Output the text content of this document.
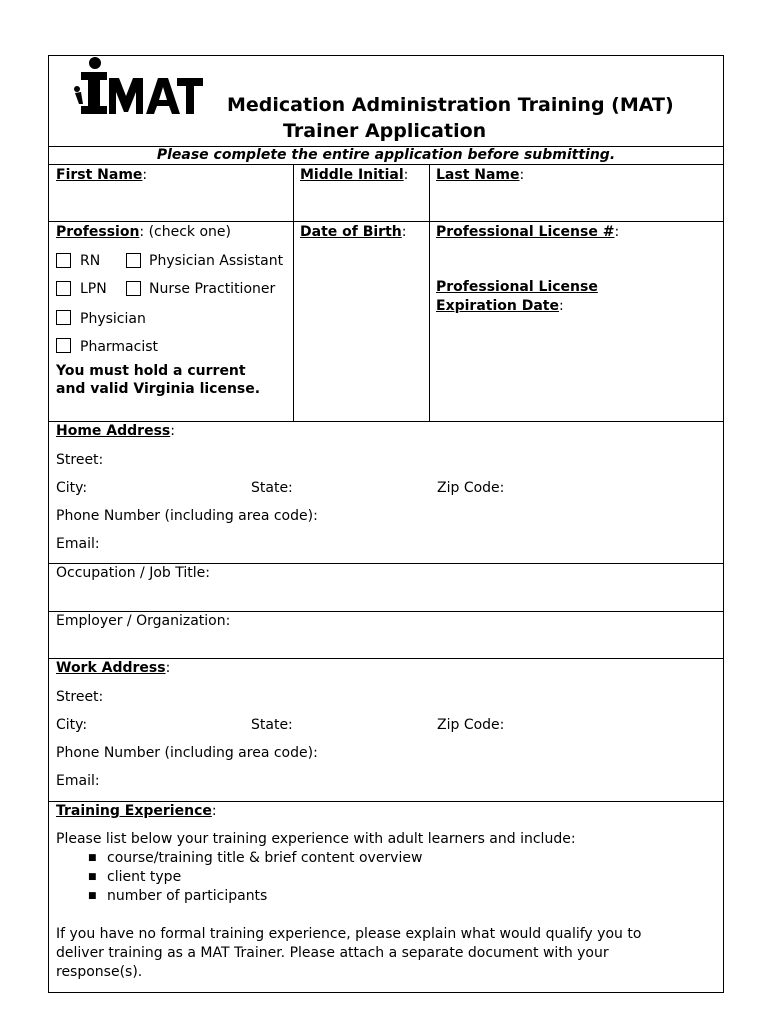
Medication Administration Training (MAT)
Trainer Application
Please complete the entire application before submitting.
First Name:	Middle Initial: Last Name:
Profession: (check one)
RN	Physician Assistant
LPN	Nurse Practitioner
Physician
Pharmacist
You must hold a current
and valid Virginia license.
Date of Birth: Professional License #:
Professional License
Expiration Date:
Home Address:
Street:
City:	State:	Zip Code:
Phone Number (including area code):
Email:
Occupation / Job Title:
Employer / Organization:
Work Address:
Street:
City:	State:	Zip Code:
Phone Number (including area code):
Email:
Training Experience:
Please list below your training experience with adult learners and include:
■ course/training title & brief content overview
■ client type
■ number of participants
If you have no formal training experience, please explain what would qualify you to
deliver training as a MAT Trainer. Please attach a separate document with your
response(s).
